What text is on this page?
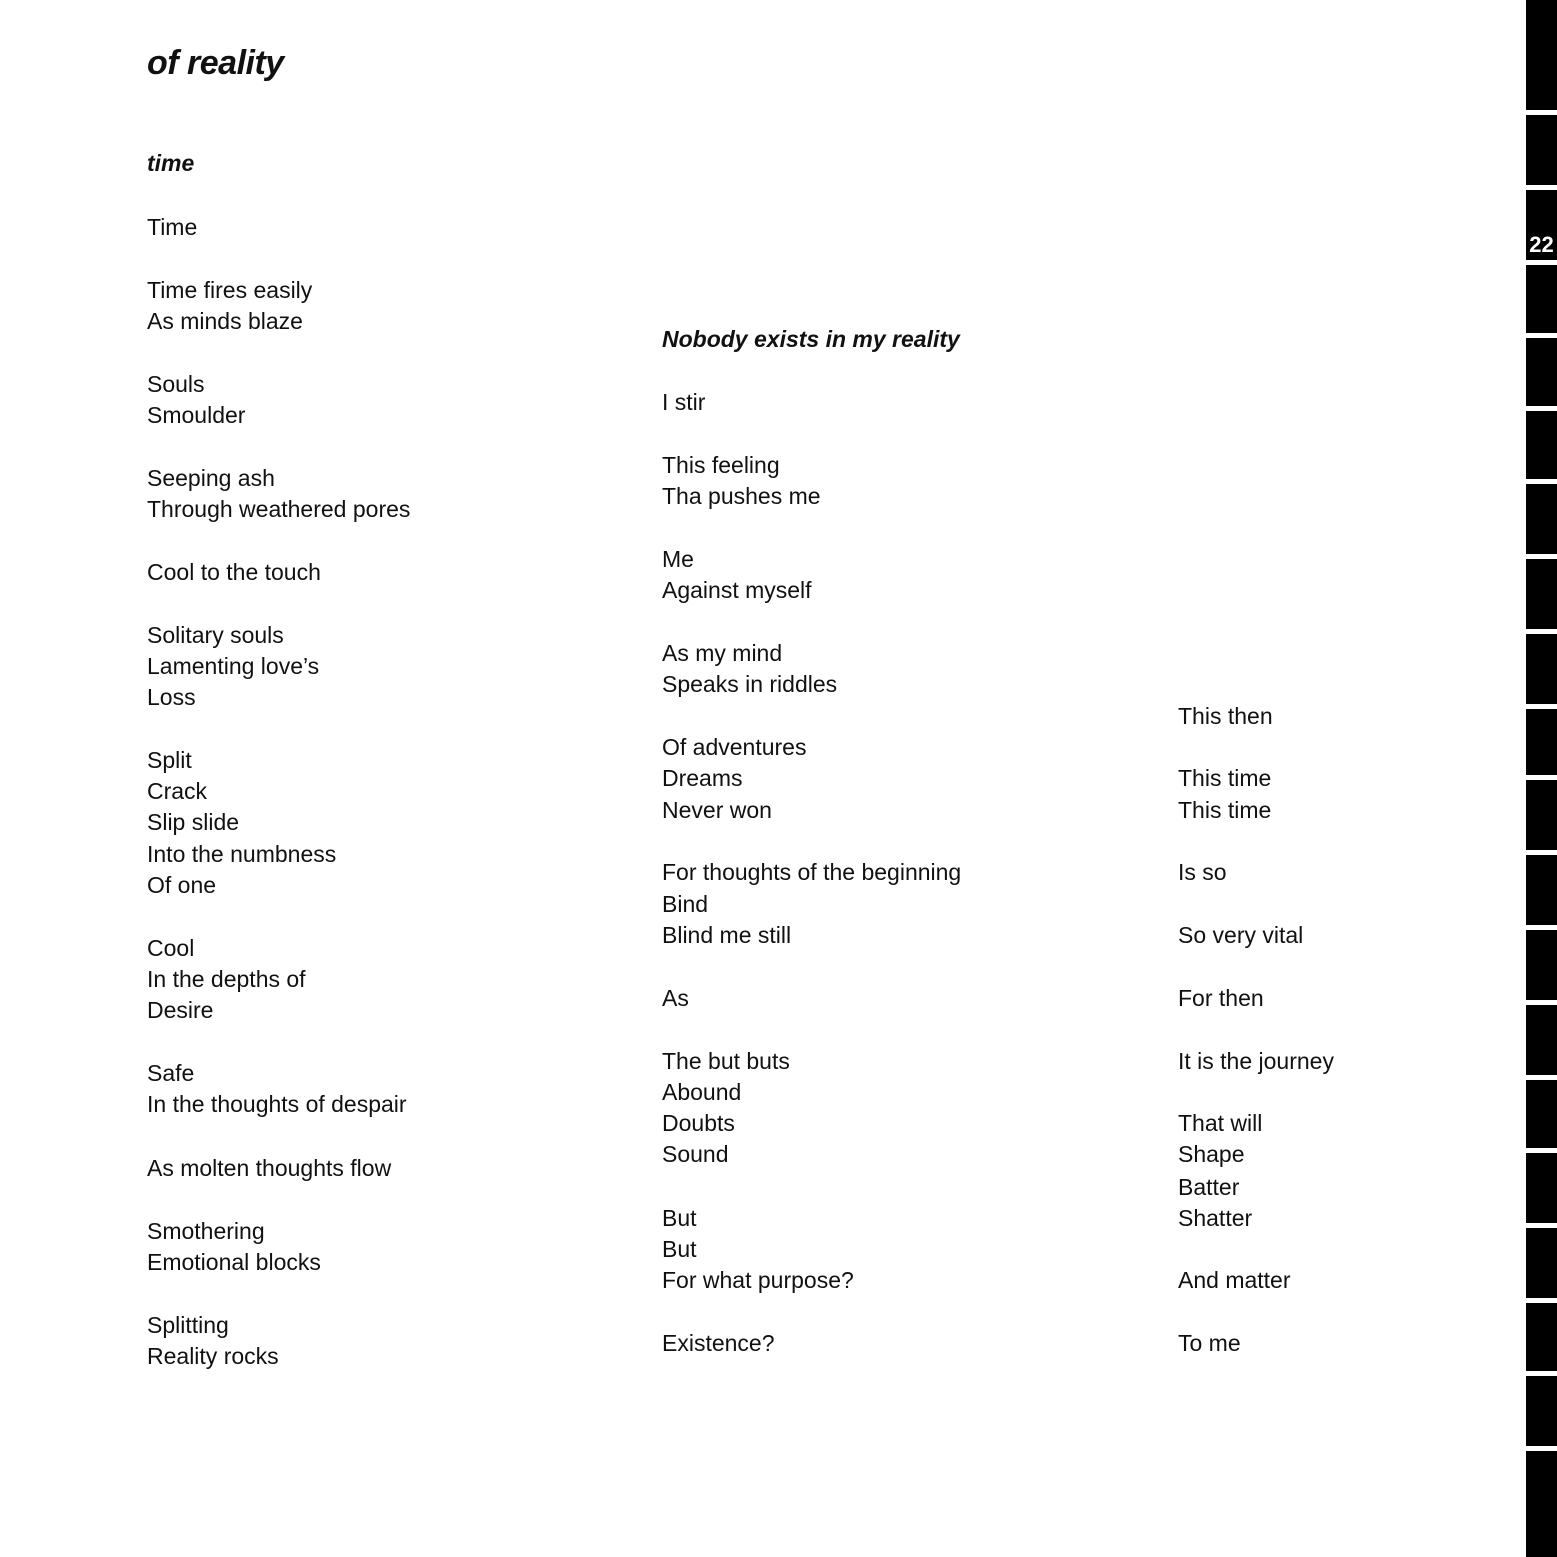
of reality
time
Time
Time fires easily
As minds blaze
Souls
Smoulder
Seeping ash
Through weathered pores
Cool to the touch
Solitary souls
Lamenting love’s
Loss
Split
Crack
Slip slide
Into the numbness
Of one
Cool
In the depths of
Desire
Safe
In the thoughts of despair
As molten thoughts flow
Smothering
Emotional blocks
Splitting
Reality rocks
Nobody exists in my reality
I stir
This feeling
Tha pushes me
Me
Against myself
As my mind
Speaks in riddles
Of adventures
Dreams
Never won
For thoughts of the beginning
Bind
Blind me still
As
The but buts
Abound
Doubts
Sound
But
But
For what purpose?
Existence?
This then
This time
This time
Is so
So very vital
For then
It is the journey
That will
Shape
Batter
Shatter
And matter
To me
22
